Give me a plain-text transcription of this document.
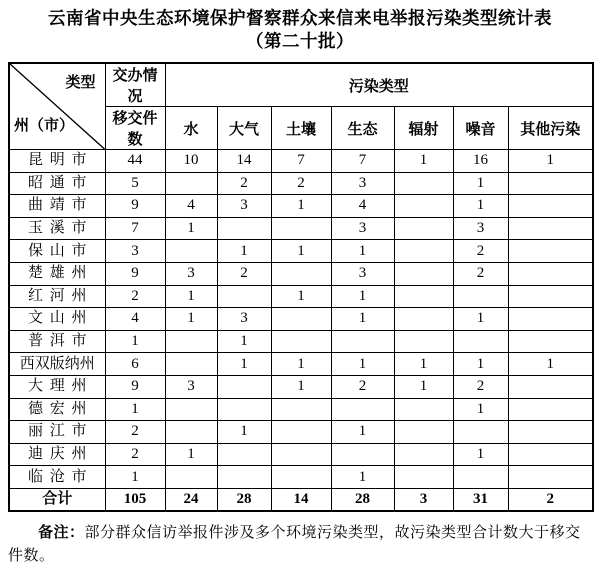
云南省中央生态环境保护督察群众来信来电举报污染类型统计表
（第二十批）
类型
州（市）	交办情况	污染类型						
	移交件数	水	大气	土壤	生态	辐射	噪音	其他污染
昆 明 市	44	10	14	7	7	1	16	1
昭 通 市	5		2	2	3		1	
曲 靖 市	9	4	3	1	4		1	
玉 溪 市	7	1			3		3	
保 山 市	3		1	1	1		2	
楚 雄 州	9	3	2		3		2	
红 河 州	2	1		1	1			
文 山 州	4	1	3		1		1	
普 洱 市	1		1					
西双版纳州	6		1	1	1	1	1	1
大 理 州	9	3		1	2	1	2	
德 宏 州	1						1	
丽 江 市	2		1		1			
迪 庆 州	2	1					1	
临 沧 市	1				1			
合计	105	24	28	14	28	3	31	2
备注：部分群众信访举报件涉及多个环境污染类型，故污染类型合计数大于移交件数。
